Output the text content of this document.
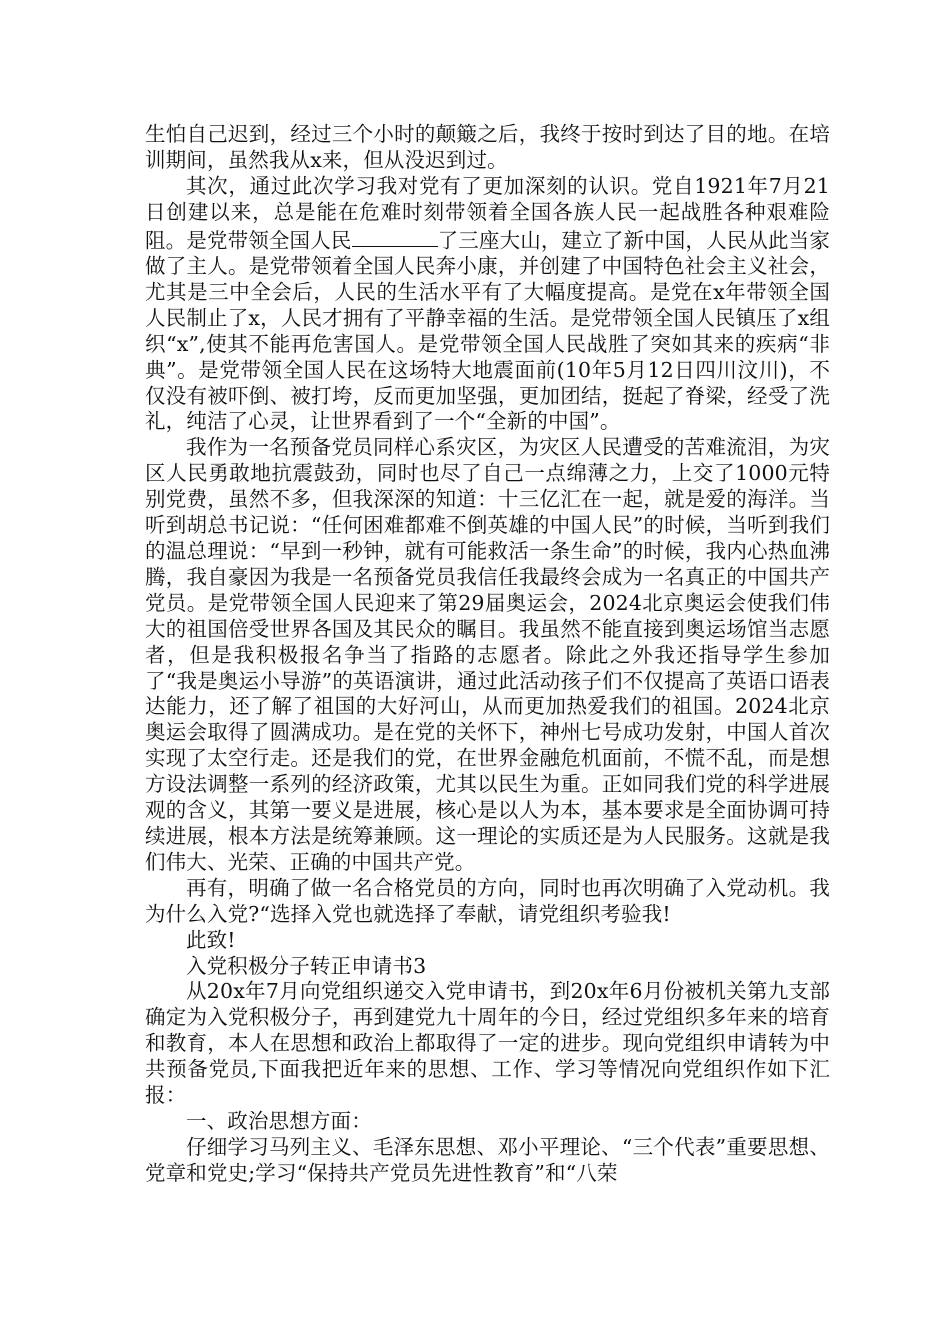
生怕自己迟到，经过三个小时的颠簸之后，我终于按时到达了目的地。在培训期间，虽然我从x来，但从没迟到过。

其次，通过此次学习我对党有了更加深刻的认识。党自1921年7月21日创建以来，总是能在危难时刻带领着全国各族人民一起战胜各种艰难险阻。是党带领全国人民	了三座大山，建立了新中国，人民从此当家做了主人。是党带领着全国人民奔小康，并创建了中国特色社会主义社会，尤其是三中全会后，人民的生活水平有了大幅度提高。是党在x年带领全国人民制止了x，人民才拥有了平静幸福的生活。是党带领全国人民镇压了x组织“x”,使其不能再危害国人。是党带领全国人民战胜了突如其来的疾病“非典”。是党带领全国人民在这场特大地震面前(10年5月12日四川汶川)，不仅没有被吓倒、被打垮，反而更加坚强，更加团结，挺起了脊梁，经受了洗礼，纯洁了心灵，让世界看到了一个“全新的中国”。

我作为一名预备党员同样心系灾区，为灾区人民遭受的苦难流泪，为灾区人民勇敢地抗震鼓劲，同时也尽了自己一点绵薄之力，上交了1000元特别党费，虽然不多，但我深深的知道：十三亿汇在一起，就是爱的海洋。当听到胡总书记说：“任何困难都难不倒英雄的中国人民”的时候，当听到我们的温总理说：“早到一秒钟，就有可能救活一条生命”的时候，我内心热血沸腾，我自豪因为我是一名预备党员我信任我最终会成为一名真正的中国共产党员。是党带领全国人民迎来了第29届奥运会，2024北京奥运会使我们伟大的祖国倍受世界各国及其民众的瞩目。我虽然不能直接到奥运场馆当志愿者，但是我积极报名争当了指路的志愿者。除此之外我还指导学生参加了“我是奥运小导游”的英语演讲，通过此活动孩子们不仅提高了英语口语表达能力，还了解了祖国的大好河山，从而更加热爱我们的祖国。2024北京奥运会取得了圆满成功。是在党的关怀下，神州七号成功发射，中国人首次实现了太空行走。还是我们的党，在世界金融危机面前，不慌不乱，而是想方设法调整一系列的经济政策，尤其以民生为重。正如同我们党的科学进展观的含义，其第一要义是进展，核心是以人为本，基本要求是全面协调可持续进展，根本方法是统筹兼顾。这一理论的实质还是为人民服务。这就是我们伟大、光荣、正确的中国共产党。

再有，明确了做一名合格党员的方向，同时也再次明确了入党动机。我为什么入党?“选择入党也就选择了奉献，请党组织考验我!

此致!

入党积极分子转正申请书3

从20x年7月向党组织递交入党申请书，到20x年6月份被机关第九支部确定为入党积极分子，再到建党九十周年的今日，经过党组织多年来的培育和教育，本人在思想和政治上都取得了一定的进步。现向党组织申请转为中共预备党员,下面我把近年来的思想、工作、学习等情况向党组织作如下汇报：

一、政治思想方面：

仔细学习马列主义、毛泽东思想、邓小平理论、“三个代表”重要思想、党章和党史;学习“保持共产党员先进性教育”和“八荣
